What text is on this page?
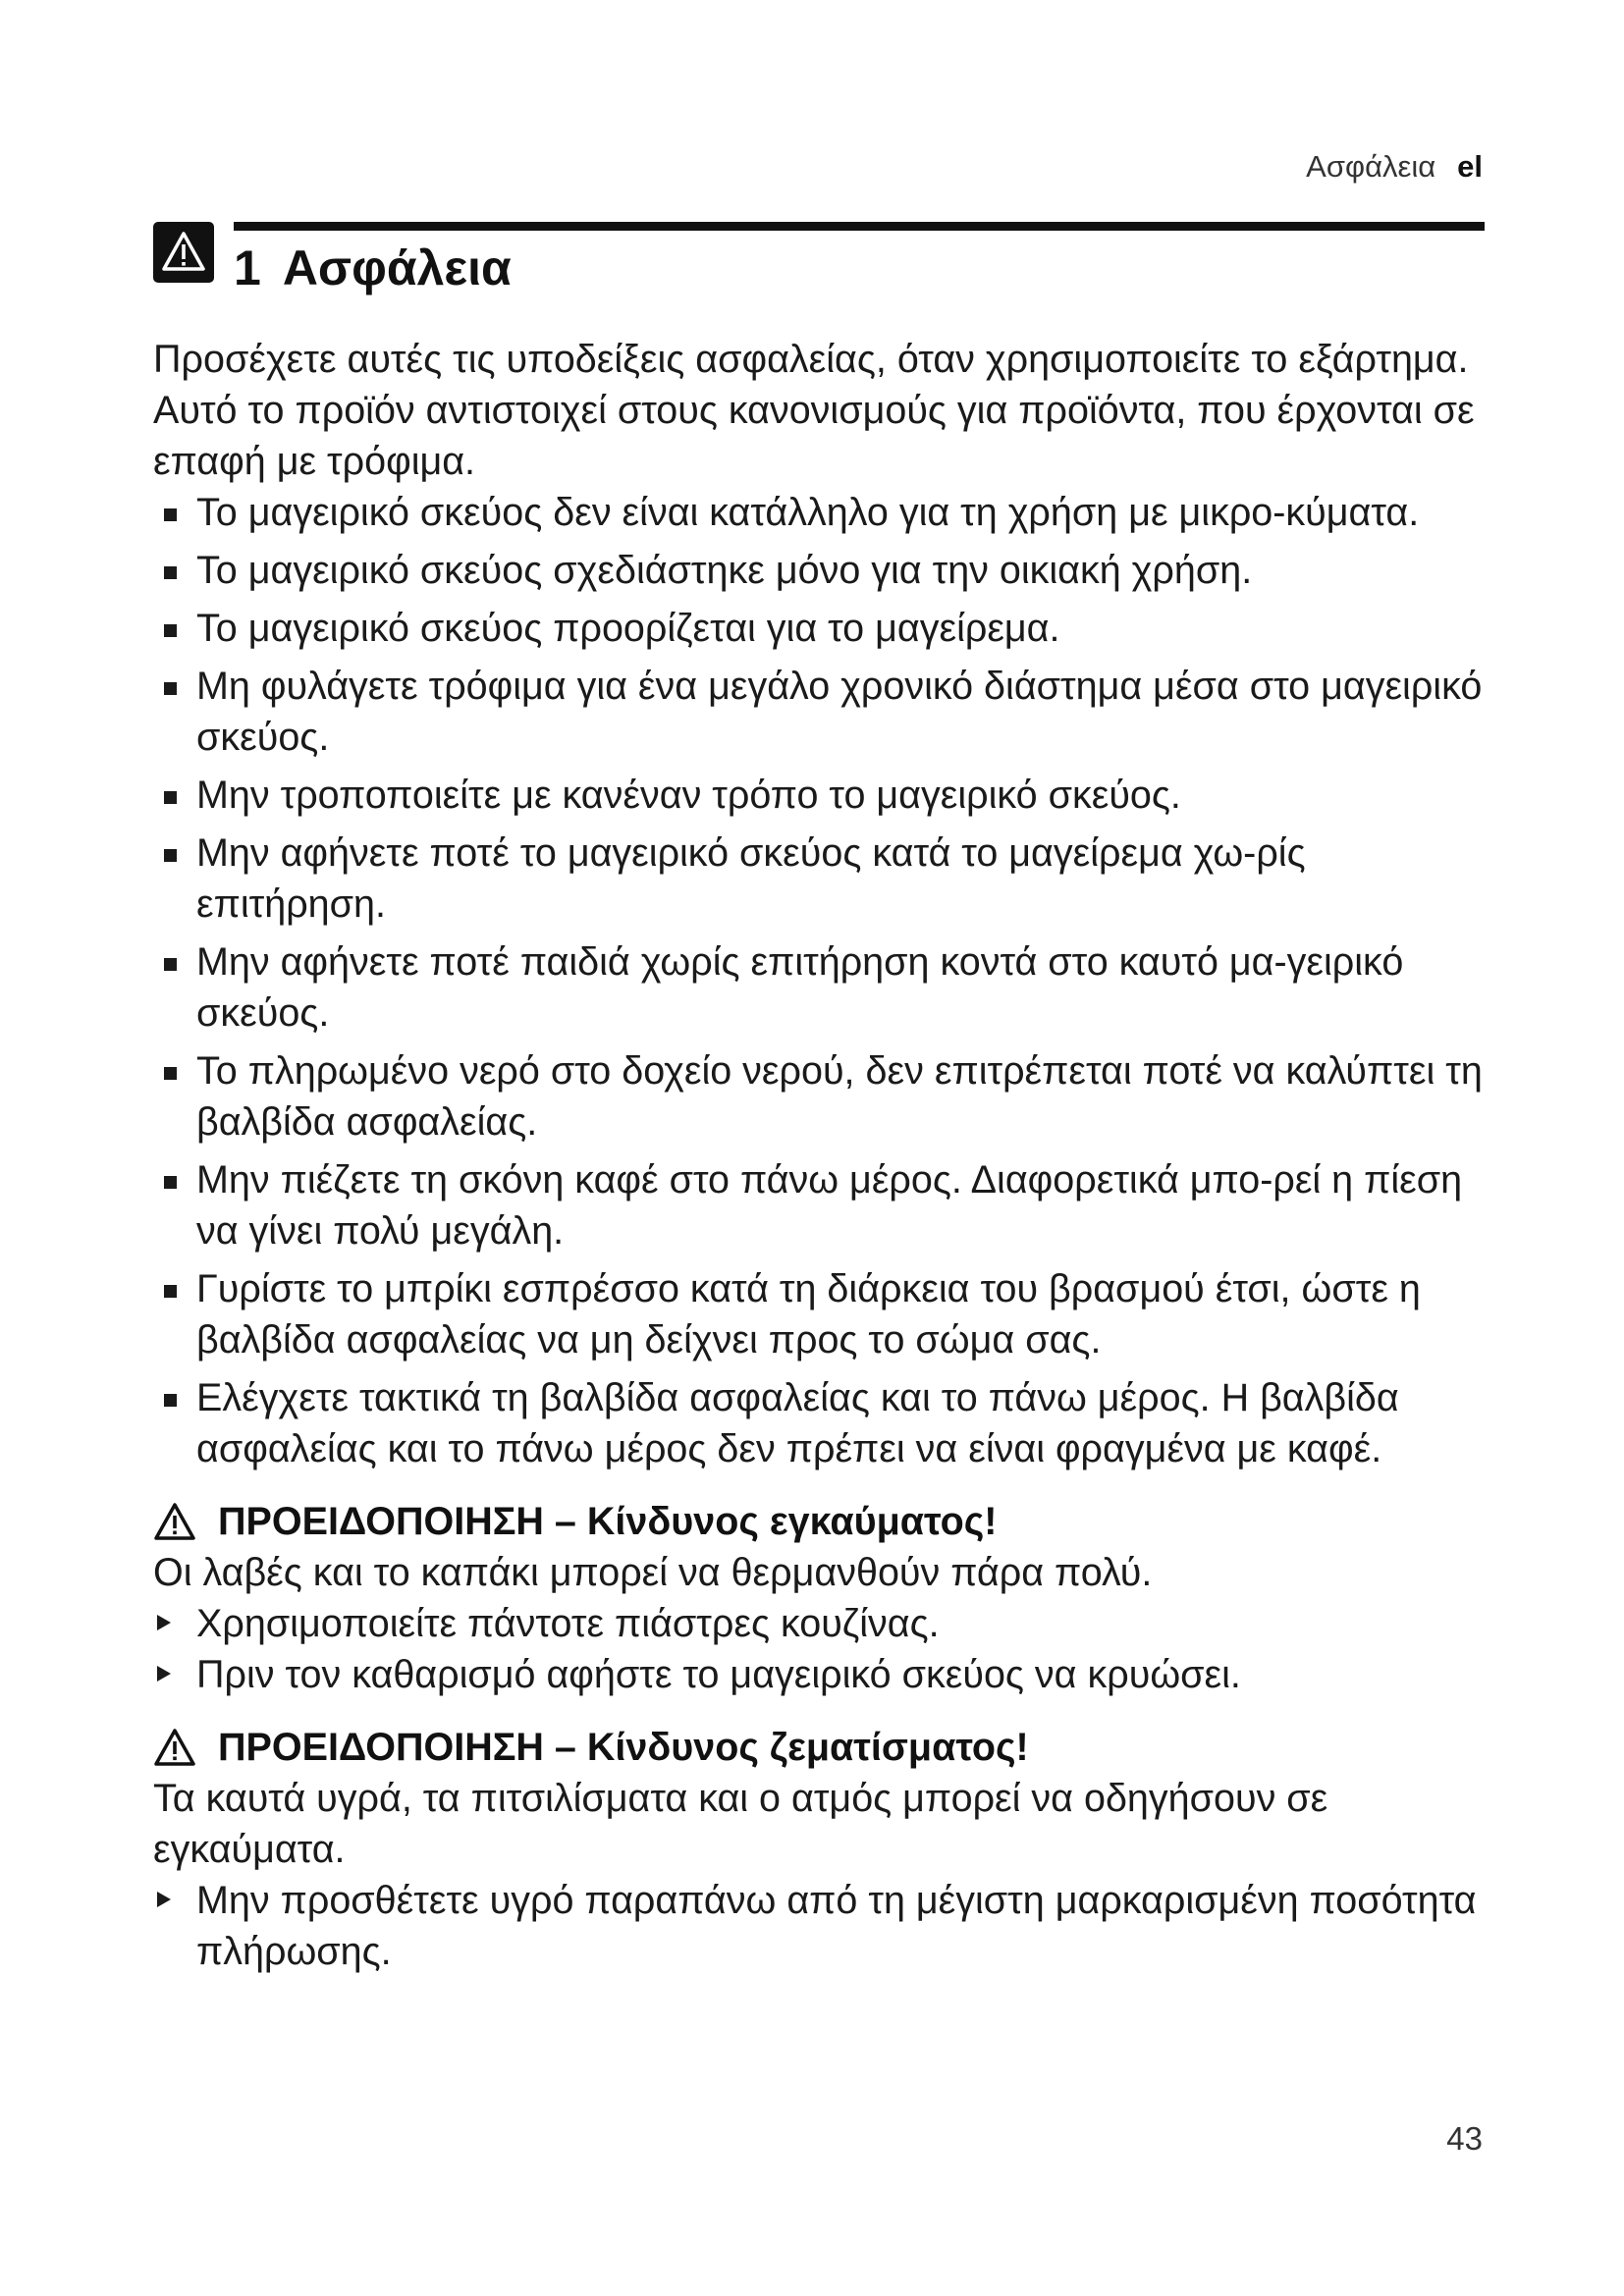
Ασφάλεια el
1 Ασφάλεια

Προσέχετε αυτές τις υποδείξεις ασφαλείας, όταν χρησιμοποιείτε το εξάρτημα.

Αυτό το προϊόν αντιστοιχεί στους κανονισμούς για προϊόντα, που έρχονται σε επαφή με τρόφιμα.

Το μαγειρικό σκεύος δεν είναι κατάλληλο για τη χρήση με μικρο-κύματα.
Το μαγειρικό σκεύος σχεδιάστηκε μόνο για την οικιακή χρήση.
Το μαγειρικό σκεύος προορίζεται για το μαγείρεμα.
Μη φυλάγετε τρόφιμα για ένα μεγάλο χρονικό διάστημα μέσα στο μαγειρικό σκεύος.
Μην τροποποιείτε με κανέναν τρόπο το μαγειρικό σκεύος.
Μην αφήνετε ποτέ το μαγειρικό σκεύος κατά το μαγείρεμα χω-ρίς επιτήρηση.
Μην αφήνετε ποτέ παιδιά χωρίς επιτήρηση κοντά στο καυτό μα-γειρικό σκεύος.
Το πληρωμένο νερό στο δοχείο νερού, δεν επιτρέπεται ποτέ να καλύπτει τη βαλβίδα ασφαλείας.
Μην πιέζετε τη σκόνη καφέ στο πάνω μέρος. Διαφορετικά μπο-ρεί η πίεση να γίνει πολύ μεγάλη.
Γυρίστε το μπρίκι εσπρέσσο κατά τη διάρκεια του βρασμού έτσι, ώστε η βαλβίδα ασφαλείας να μη δείχνει προς το σώμα σας.
Ελέγχετε τακτικά τη βαλβίδα ασφαλείας και το πάνω μέρος. Η βαλβίδα ασφαλείας και το πάνω μέρος δεν πρέπει να είναι φραγμένα με καφέ.
ΠΡΟΕΙΔΟΠΟΙΗΣΗ – Κίνδυνος εγκαύματος!

Οι λαβές και το καπάκι μπορεί να θερμανθούν πάρα πολύ.

Χρησιμοποιείτε πάντοτε πιάστρες κουζίνας.
Πριν τον καθαρισμό αφήστε το μαγειρικό σκεύος να κρυώσει.
ΠΡΟΕΙΔΟΠΟΙΗΣΗ – Κίνδυνος ζεματίσματος!

Τα καυτά υγρά, τα πιτσιλίσματα και ο ατμός μπορεί να οδηγήσουν σε εγκαύματα.

Μην προσθέτετε υγρό παραπάνω από τη μέγιστη μαρκαρισμένη ποσότητα πλήρωσης.
43
